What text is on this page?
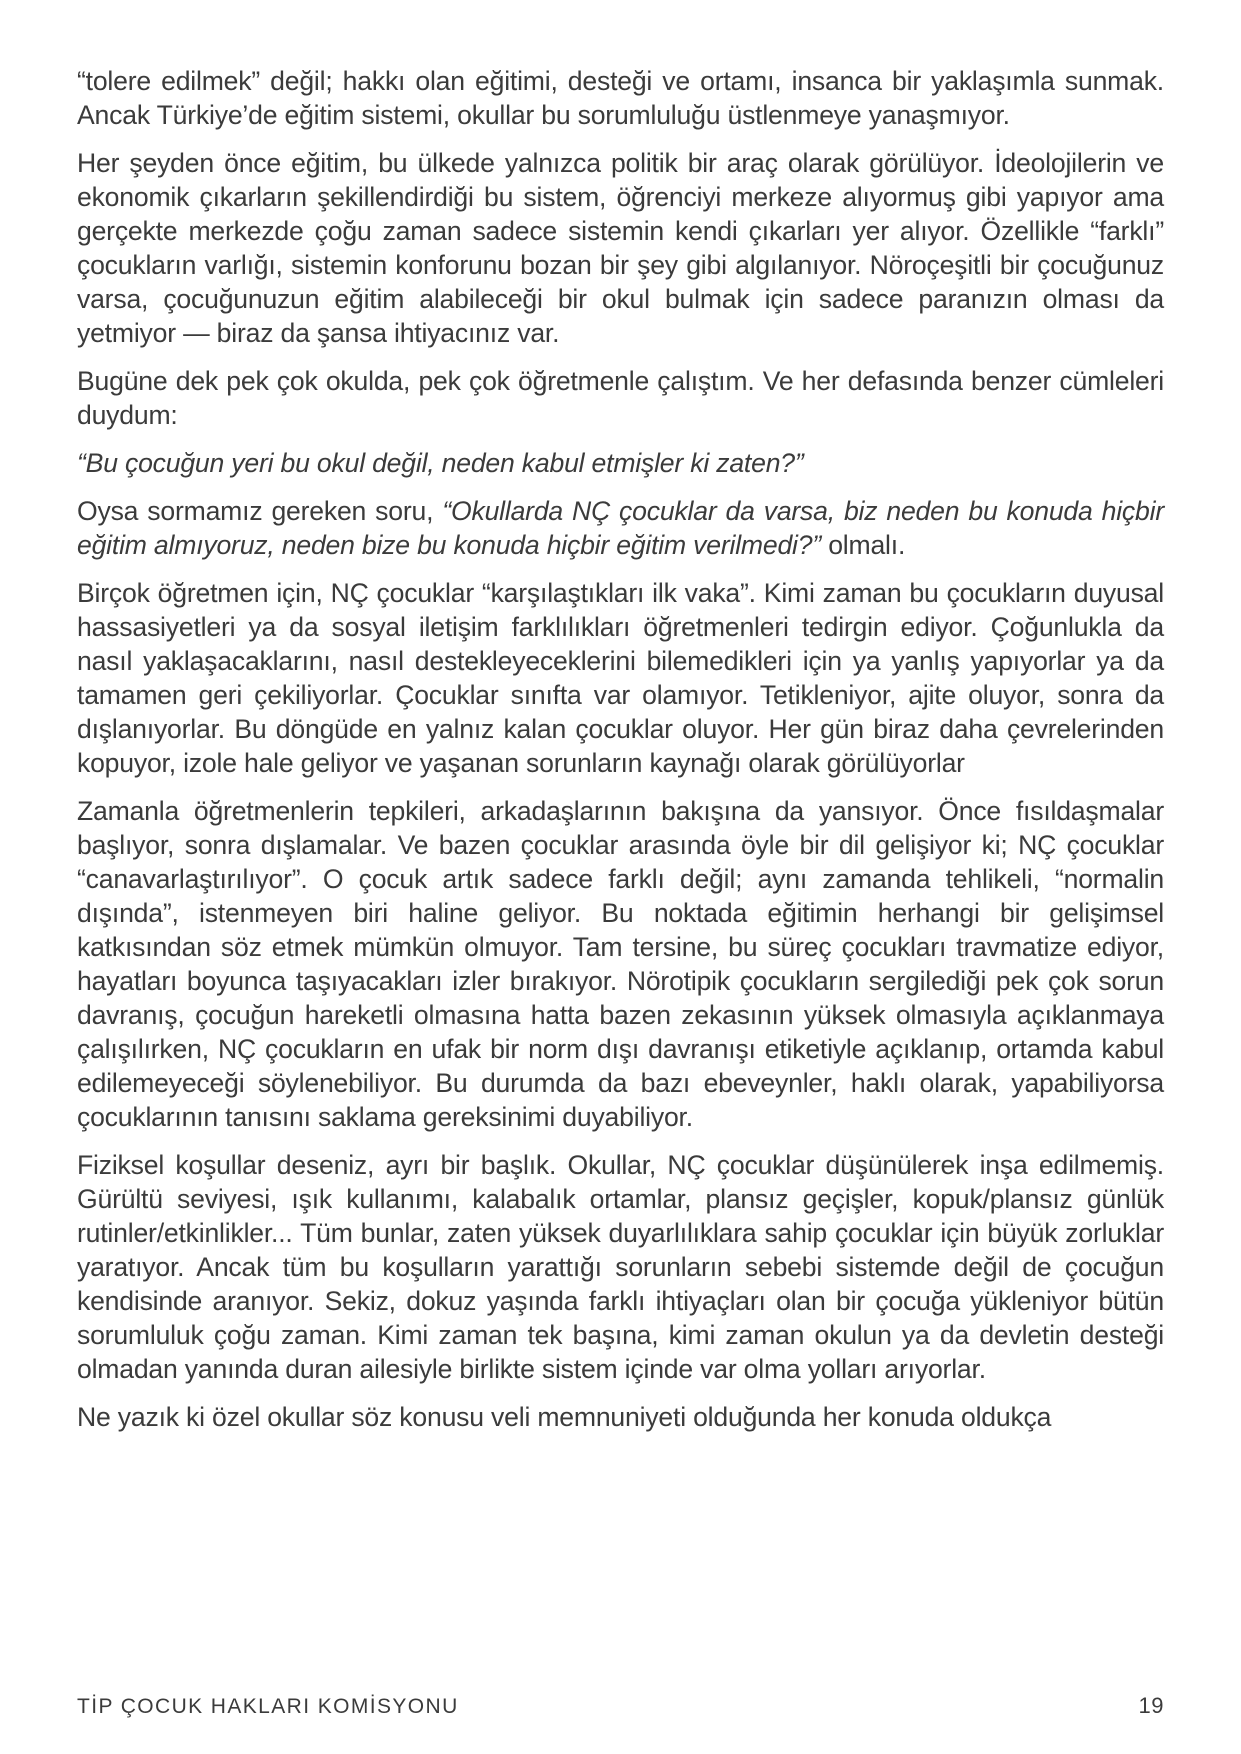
“tolere edilmek” değil; hakkı olan eğitimi, desteği ve ortamı, insanca bir yaklaşımla sunmak. Ancak Türkiye’de eğitim sistemi, okullar bu sorumluluğu üstlenmeye yanaşmıyor.

Her şeyden önce eğitim, bu ülkede yalnızca politik bir araç olarak görülüyor. İdeolojilerin ve ekonomik çıkarların şekillendirdiği bu sistem, öğrenciyi merkeze alıyormuş gibi yapıyor ama gerçekte merkezde çoğu zaman sadece sistemin kendi çıkarları yer alıyor. Özellikle “farklı” çocukların varlığı, sistemin konforunu bozan bir şey gibi algılanıyor. Nöroçeşitli bir çocuğunuz varsa, çocuğunuzun eğitim alabileceği bir okul bulmak için sadece paranızın olması da yetmiyor — biraz da şansa ihtiyacınız var.

Bugüne dek pek çok okulda, pek çok öğretmenle çalıştım. Ve her defasında benzer cümleleri duydum:

“Bu çocuğun yeri bu okul değil, neden kabul etmişler ki zaten?”

Oysa sormamız gereken soru, “Okullarda NÇ çocuklar da varsa, biz neden bu konuda hiçbir eğitim almıyoruz, neden bize bu konuda hiçbir eğitim verilmedi?” olmalı.

Birçok öğretmen için, NÇ çocuklar “karşılaştıkları ilk vaka”. Kimi zaman bu çocukların duyusal hassasiyetleri ya da sosyal iletişim farklılıkları öğretmenleri tedirgin ediyor. Çoğunlukla da nasıl yaklaşacaklarını, nasıl destekleyeceklerini bilemedikleri için ya yanlış yapıyorlar ya da tamamen geri çekiliyorlar. Çocuklar sınıfta var olamıyor. Tetikleniyor, ajite oluyor, sonra da dışlanıyorlar. Bu döngüde en yalnız kalan çocuklar oluyor. Her gün biraz daha çevrelerinden kopuyor, izole hale geliyor ve yaşanan sorunların kaynağı olarak görülüyorlar

Zamanla öğretmenlerin tepkileri, arkadaşlarının bakışına da yansıyor. Önce fısıldaşmalar başlıyor, sonra dışlamalar. Ve bazen çocuklar arasında öyle bir dil gelişiyor ki; NÇ çocuklar “canavarlaştırılıyor”. O çocuk artık sadece farklı değil; aynı zamanda tehlikeli, “normalin dışında”, istenmeyen biri haline geliyor. Bu noktada eğitimin herhangi bir gelişimsel katkısından söz etmek mümkün olmuyor. Tam tersine, bu süreç çocukları travmatize ediyor, hayatları boyunca taşıyacakları izler bırakıyor. Nörotipik çocukların sergilediği pek çok sorun davranış, çocuğun hareketli olmasına hatta bazen zekasının yüksek olmasıyla açıklanmaya çalışılırken, NÇ çocukların en ufak bir norm dışı davranışı etiketiyle açıklanıp, ortamda kabul edilemeyeceği söylenebiliyor. Bu durumda da bazı ebeveynler, haklı olarak, yapabiliyorsa çocuklarının tanısını saklama gereksinimi duyabiliyor.

Fiziksel koşullar deseniz, ayrı bir başlık. Okullar, NÇ çocuklar düşünülerek inşa edilmemiş. Gürültü seviyesi, ışık kullanımı, kalabalık ortamlar, plansız geçişler, kopuk/plansız günlük rutinler/etkinlikler... Tüm bunlar, zaten yüksek duyarlılıklara sahip çocuklar için büyük zorluklar yaratıyor. Ancak tüm bu koşulların yarattığı sorunların sebebi sistemde değil de çocuğun kendisinde aranıyor. Sekiz, dokuz yaşında farklı ihtiyaçları olan bir çocuğa yükleniyor bütün sorumluluk çoğu zaman. Kimi zaman tek başına, kimi zaman okulun ya da devletin desteği olmadan yanında duran ailesiyle birlikte sistem içinde var olma yolları arıyorlar.

Ne yazık ki özel okullar söz konusu veli memnuniyeti olduğunda her konuda oldukça

TİP ÇOCUK HAKLARI KOMİSYONU	19
